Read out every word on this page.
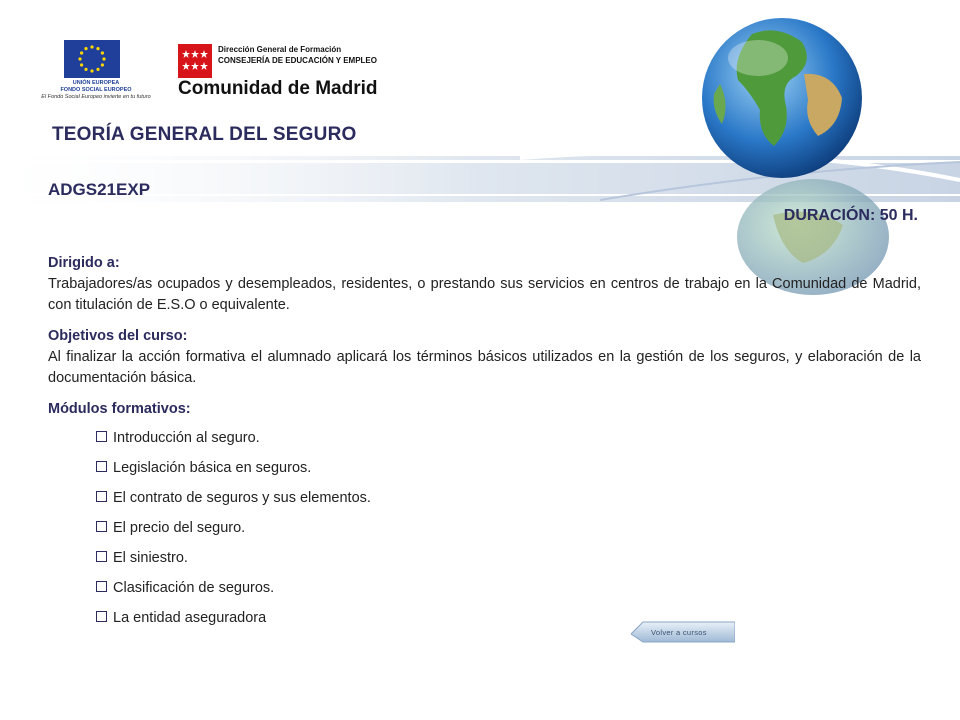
UNIÓN EUROPEA
FONDO SOCIAL EUROPEO
El Fondo Social Europeo invierte en tu futuro
Dirección General de Formación
CONSEJERÍA DE EDUCACIÓN Y EMPLEO
Comunidad de Madrid
TEORÍA GENERAL DEL SEGURO
ADGS21EXP
DURACIÓN: 50 H.
Dirigido a:

Trabajadores/as ocupados y desempleados, residentes, o prestando sus servicios en centros de trabajo en la Comunidad de Madrid, con titulación de E.S.O o equivalente.

Objetivos del curso:

Al finalizar la acción formativa el alumnado aplicará los términos básicos utilizados en la gestión de los seguros, y elaboración de la documentación básica.

Módulos formativos:
Introducción al seguro.
Legislación básica en seguros.
El contrato de seguros y sus elementos.
El precio del seguro.
El siniestro.
Clasificación de seguros.
La entidad aseguradora
Volver a cursos
